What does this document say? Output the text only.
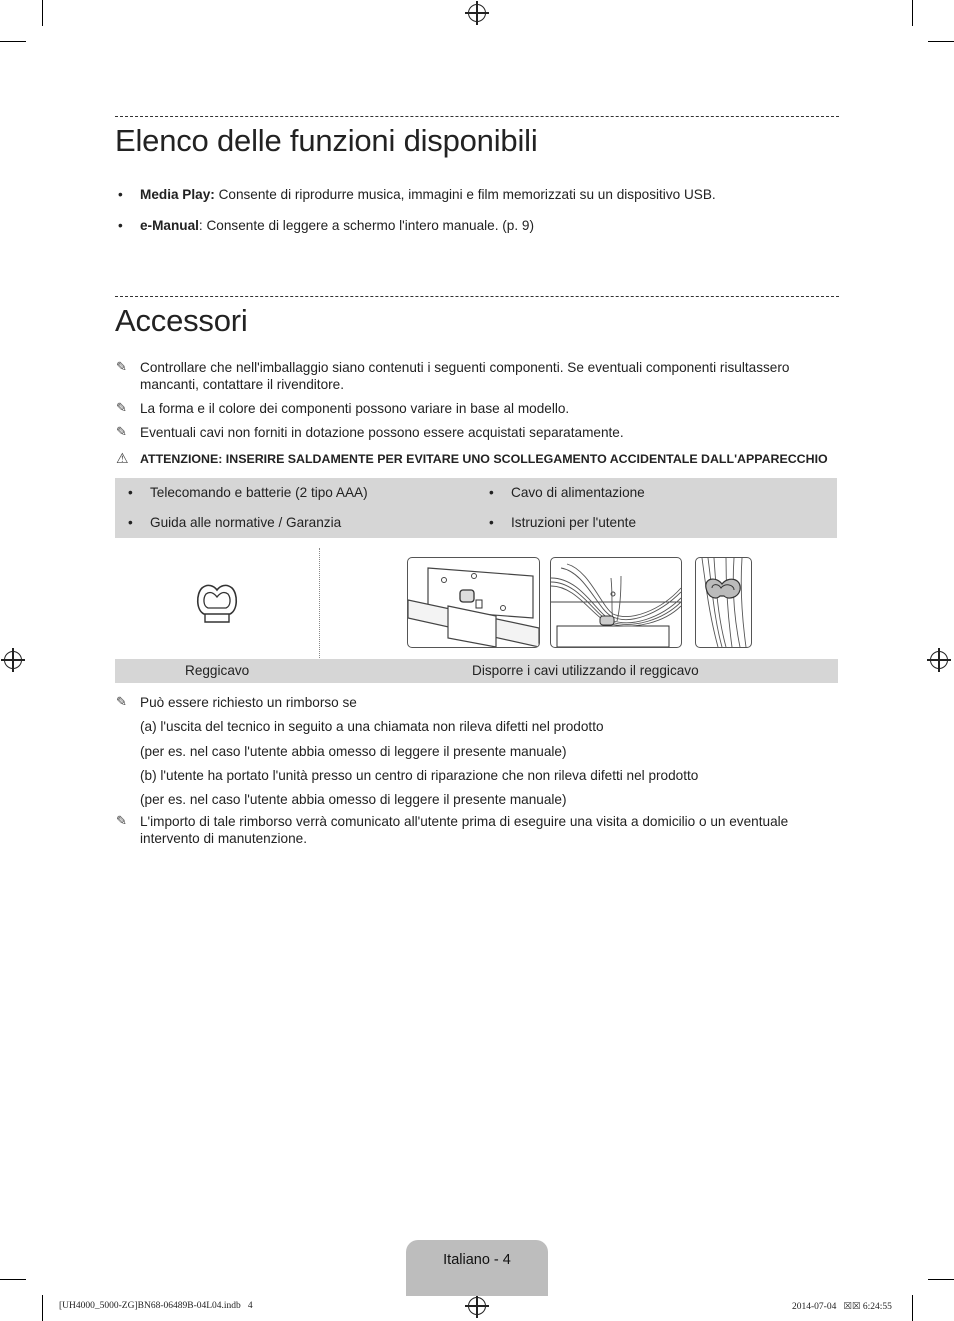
Elenco delle funzioni disponibili
• Media Play: Consente di riprodurre musica, immagini e film memorizzati su un dispositivo USB.
• e-Manual: Consente di leggere a schermo l'intero manuale. (p. 9)
Accessori
✎ Controllare che nell'imballaggio siano contenuti i seguenti componenti. Se eventuali componenti risultassero mancanti, contattare il rivenditore.
✎ La forma e il colore dei componenti possono variare in base al modello.
✎ Eventuali cavi non forniti in dotazione possono essere acquistati separatamente.
⚠ ATTENZIONE: INSERIRE SALDAMENTE PER EVITARE UNO SCOLLEGAMENTO ACCIDENTALE DALL'APPARECCHIO
• Telecomando e batterie (2 tipo AAA)	• Cavo di alimentazione
• Guida alle normative / Garanzia	• Istruzioni per l'utente
Reggicavo	Disporre i cavi utilizzando il reggicavo
✎ Può essere richiesto un rimborso se
(a) l'uscita del tecnico in seguito a una chiamata non rileva difetti nel prodotto
(per es. nel caso l'utente abbia omesso di leggere il presente manuale)
(b) l'utente ha portato l'unità presso un centro di riparazione che non rileva difetti nel prodotto
(per es. nel caso l'utente abbia omesso di leggere il presente manuale)
✎ L'importo di tale rimborso verrà comunicato all'utente prima di eseguire una visita a domicilio o un eventuale intervento di manutenzione.
Italiano - 4
[UH4000_5000-ZG]BN68-06489B-04L04.indb   4	2014-07-04   ☒☒ 6:24:55
